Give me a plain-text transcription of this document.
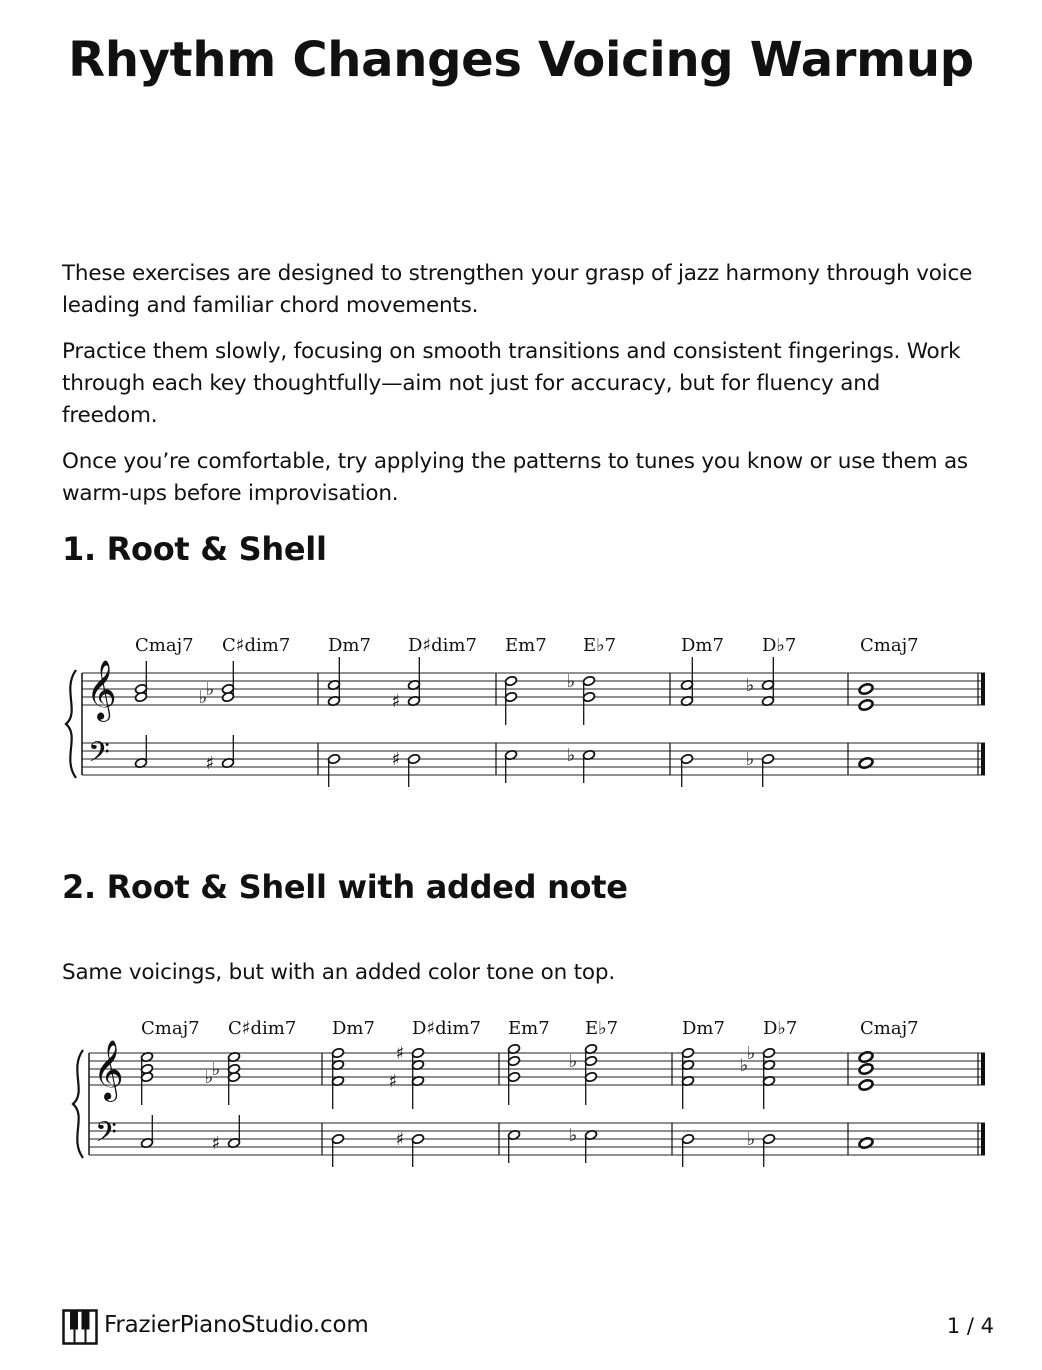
Rhythm Changes Voicing Warmup

These exercises are designed to strengthen your grasp of jazz harmony through voice leading and familiar chord movements.

Practice them slowly, focusing on smooth transitions and consistent fingerings. Work through each key thoughtfully—aim not just for accuracy, but for fluency and freedom.

Once you’re comfortable, try applying the patterns to tunes you know or use them as warm-ups before improvisation.

1. Root & Shell
𝄞
𝄢
Cmaj7 C♯dim7
♭
♭
♯
Dm7 D♯dim7
♯
♯
Em7 E♭7
♭
♭
Dm7 D♭7
♭
♭
Cmaj7
2. Root & Shell with added note

Same voicings, but with an added color tone on top.

𝄞
𝄢
Cmaj7 C♯dim7
♭
♭
♯
Dm7 D♯dim7
♯
♯
♯
Em7 E♭7
♭
♭
Dm7 D♭7
♭
♭
♭
Cmaj7
FrazierPianoStudio.com	1 / 4
